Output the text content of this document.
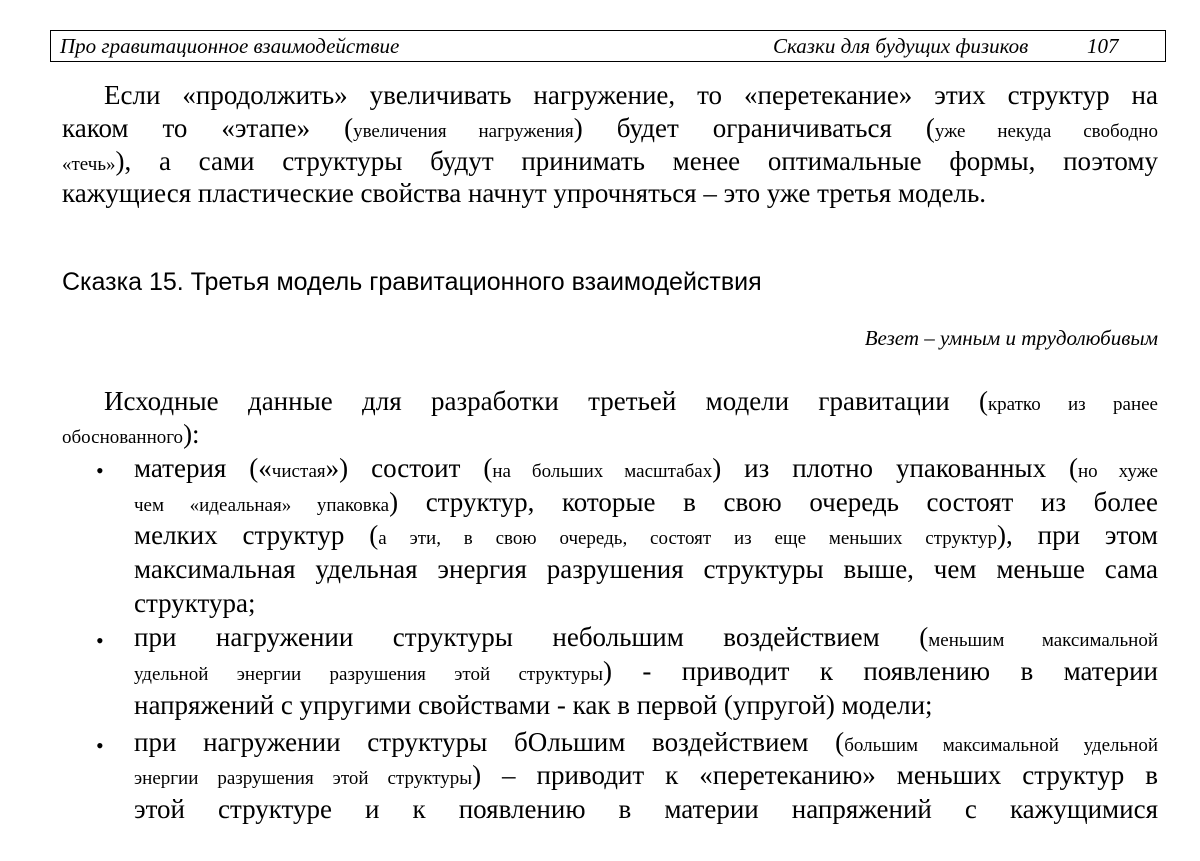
Про гравитационное взаимодействие	Сказки для будущих физиков	107
Если «продолжить» увеличивать нагружение, то «перетекание» этих структур на
каком то «этапе» (увеличения нагружения) будет ограничиваться (уже некуда свободно
«течь»), а сами структуры будут принимать менее оптимальные формы, поэтому
кажущиеся пластические свойства начнут упрочняться – это уже третья модель.
Сказка 15. Третья модель гравитационного взаимодействия
Везет – умным и трудолюбивым
Исходные данные для разработки третьей модели гравитации (кратко из ранее
обоснованного):
• материя («чистая») состоит (на больших масштабах) из плотно упакованных (но хуже
чем «идеальная» упаковка) структур, которые в свою очередь состоят из более
мелких структур (а эти, в свою очередь, состоят из еще меньших структур), при этом
максимальная удельная энергия разрушения структуры выше, чем меньше сама
структура;
• при нагружении структуры небольшим воздействием (меньшим максимальной
удельной энергии разрушения этой структуры) - приводит к появлению в материи
напряжений с упругими свойствами - как в первой (упругой) модели;
• при нагружении структуры бОльшим воздействием (большим максимальной удельной
энергии разрушения этой структуры) – приводит к «перетеканию» меньших структур в
этой структуре и к появлению в материи напряжений с кажущимися
